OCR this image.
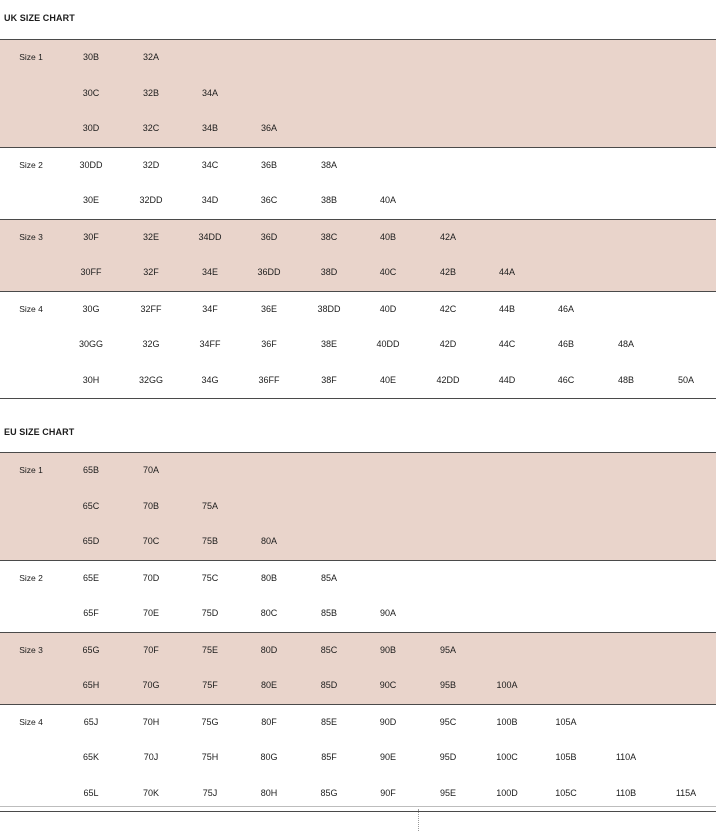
UK SIZE CHART
Size 1	30B	32A
30C	32B	34A
30D	32C	34B	36A
Size 2	30DD	32D	34C	36B	38A
30E	32DD	34D	36C	38B	40A
Size 3	30F	32E	34DD	36D	38C	40B	42A
30FF	32F	34E	36DD	38D	40C	42B	44A
Size 4	30G	32FF	34F	36E	38DD	40D	42C	44B	46A
30GG	32G	34FF	36F	38E	40DD	42D	44C	46B	48A
30H	32GG	34G	36FF	38F	40E	42DD	44D	46C	48B	50A
EU SIZE CHART
Size 1	65B	70A
65C	70B	75A
65D	70C	75B	80A
Size 2	65E	70D	75C	80B	85A
65F	70E	75D	80C	85B	90A
Size 3	65G	70F	75E	80D	85C	90B	95A
65H	70G	75F	80E	85D	90C	95B	100A
Size 4	65J	70H	75G	80F	85E	90D	95C	100B	105A
65K	70J	75H	80G	85F	90E	95D	100C	105B	110A
65L	70K	75J	80H	85G	90F	95E	100D	105C	110B	115A
